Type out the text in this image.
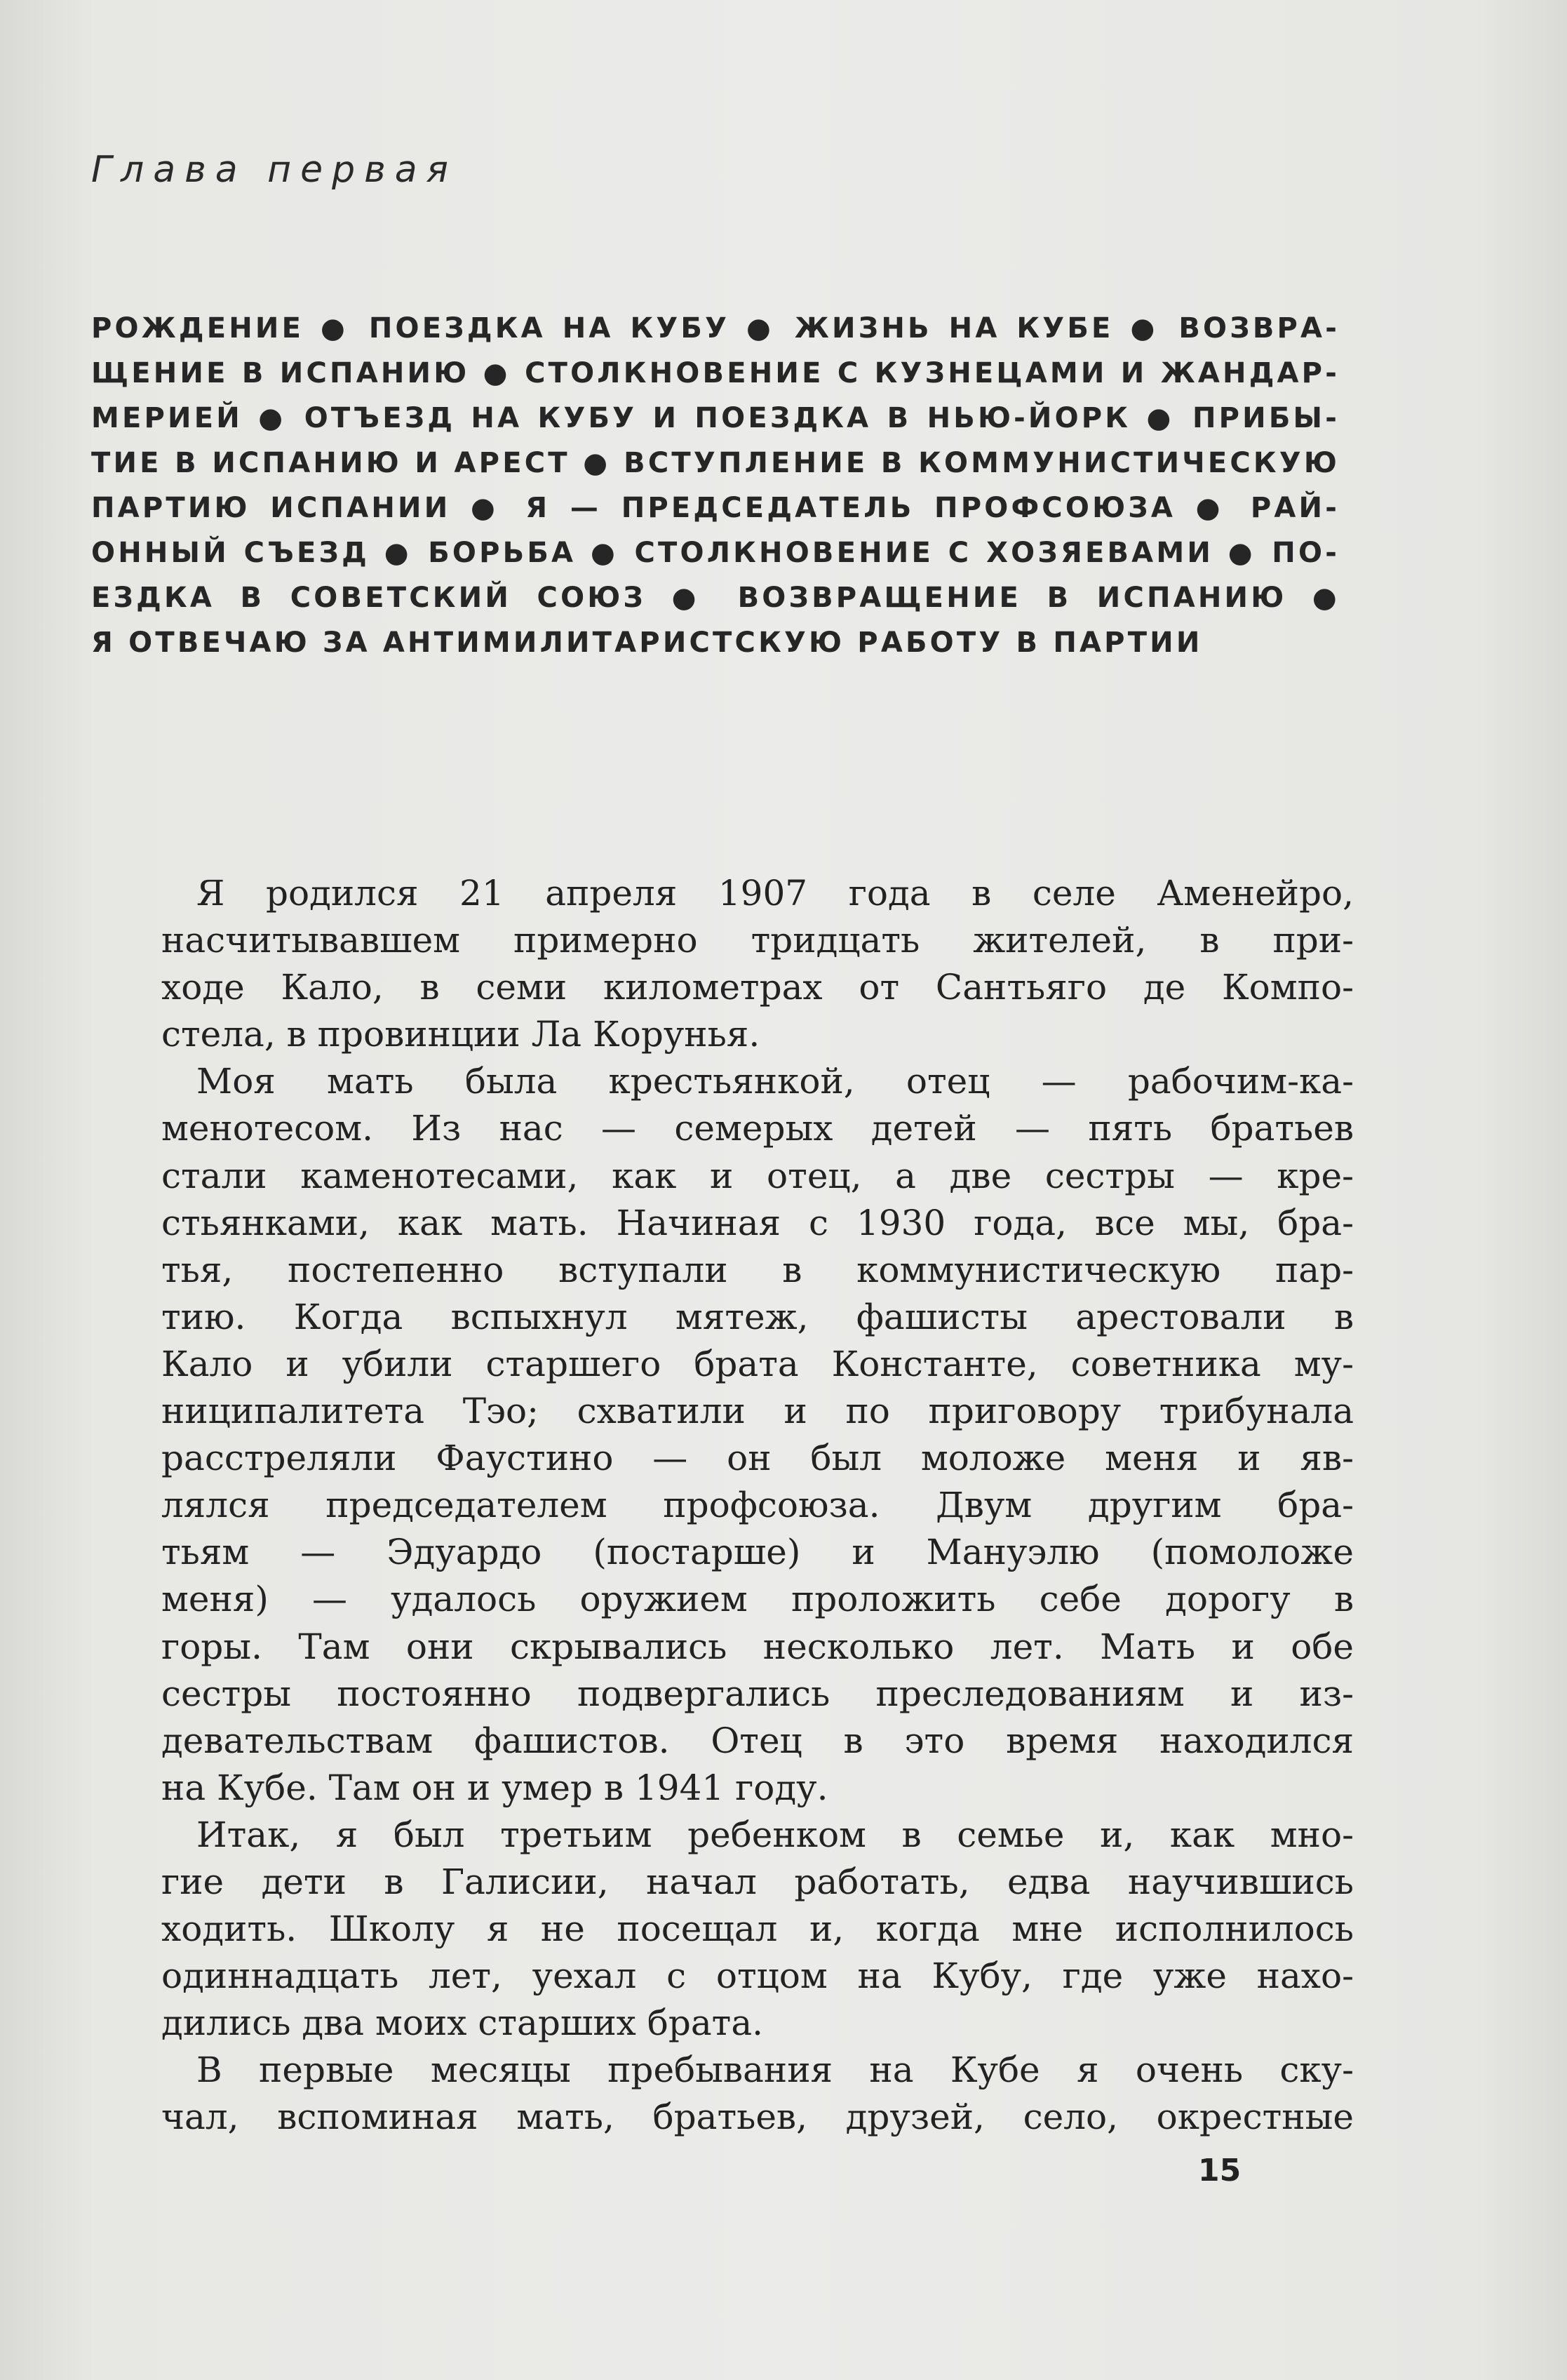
Глава первая
РОЖДЕНИЕ ● ПОЕЗДКА НА КУБУ ● ЖИЗНЬ НА КУБЕ ● ВОЗВРА-
ЩЕНИЕ В ИСПАНИЮ ● СТОЛКНОВЕНИЕ С КУЗНЕЦАМИ И ЖАНДАР-
МЕРИЕЙ ● ОТЪЕЗД НА КУБУ И ПОЕЗДКА В НЬЮ-ЙОРК ● ПРИБЫ-
ТИЕ В ИСПАНИЮ И АРЕСТ ● ВСТУПЛЕНИЕ В КОММУНИСТИЧЕСКУЮ
ПАРТИЮ ИСПАНИИ ● Я — ПРЕДСЕДАТЕЛЬ ПРОФСОЮЗА ● РАЙ-
ОННЫЙ СЪЕЗД ● БОРЬБА ● СТОЛКНОВЕНИЕ С ХОЗЯЕВАМИ ● ПО-
ЕЗДКА В СОВЕТСКИЙ СОЮЗ ● ВОЗВРАЩЕНИЕ В ИСПАНИЮ ●
Я ОТВЕЧАЮ ЗА АНТИМИЛИТАРИСТСКУЮ РАБОТУ В ПАРТИИ
Я родился 21 апреля 1907 года в селе Аменейро,
насчитывавшем примерно тридцать жителей, в при-
ходе Кало, в семи километрах от Сантьяго де Компо-
стела, в провинции Ла Корунья.
Моя мать была крестьянкой, отец — рабочим-ка-
менотесом. Из нас — семерых детей — пять братьев
стали каменотесами, как и отец, а две сестры — кре-
стьянками, как мать. Начиная с 1930 года, все мы, бра-
тья, постепенно вступали в коммунистическую пар-
тию. Когда вспыхнул мятеж, фашисты арестовали в
Кало и убили старшего брата Константе, советника му-
ниципалитета Тэо; схватили и по приговору трибунала
расстреляли Фаустино — он был моложе меня и яв-
лялся председателем профсоюза. Двум другим бра-
тьям — Эдуардо (постарше) и Мануэлю (помоложе
меня) — удалось оружием проложить себе дорогу в
горы. Там они скрывались несколько лет. Мать и обе
сестры постоянно подвергались преследованиям и из-
девательствам фашистов. Отец в это время находился
на Кубе. Там он и умер в 1941 году.
Итак, я был третьим ребенком в семье и, как мно-
гие дети в Галисии, начал работать, едва научившись
ходить. Школу я не посещал и, когда мне исполнилось
одиннадцать лет, уехал с отцом на Кубу, где уже нахо-
дились два моих старших брата.
В первые месяцы пребывания на Кубе я очень ску-
чал, вспоминая мать, братьев, друзей, село, окрестные
15
